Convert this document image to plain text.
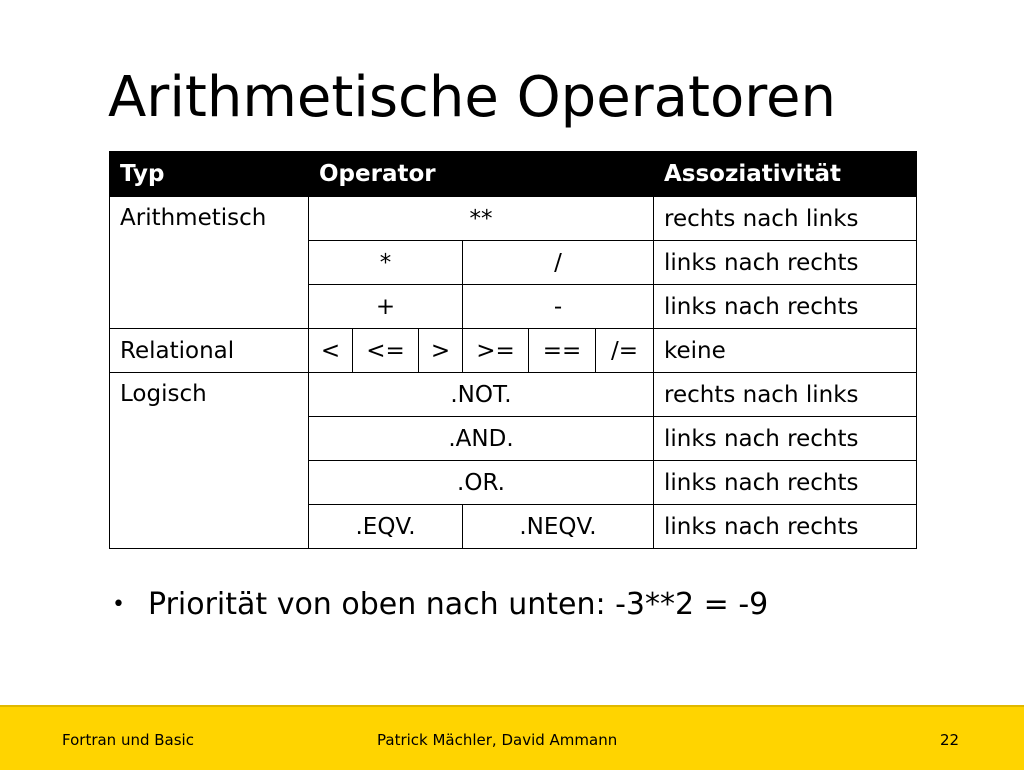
Arithmetische Operatoren
Typ	Operator						Assoziativität
Arithmetisch	**						rechts nach links
	*			/			links nach rechts
	+			-			links nach rechts
Relational	<	<=	>	>=	==	/=	keine
Logisch	.NOT.						rechts nach links
	.AND.						links nach rechts
	.OR.						links nach rechts
	.EQV.			.NEQV.			links nach rechts
• Priorität von oben nach unten: -3**2 = -9
Fortran und Basic	Patrick Mächler, David Ammann	22
